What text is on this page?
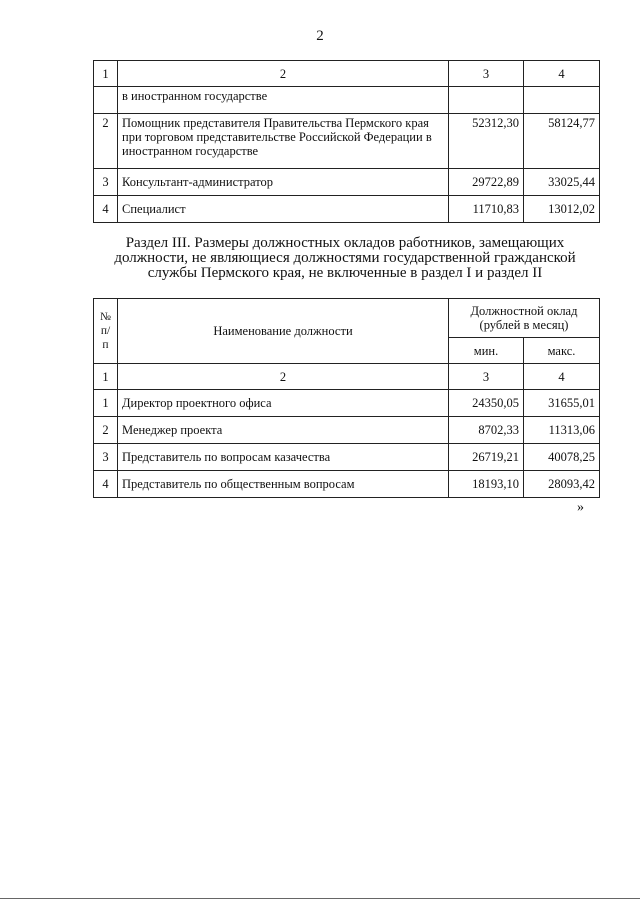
2
1	2	3	4
	в иностранном государстве		
2	Помощник представителя Правительства Пермского края при торговом представительстве Российской Федерации в иностранном государстве	52312,30	58124,77
3	Консультант-администратор	29722,89	33025,44
4	Специалист	11710,83	13012,02
Раздел III. Размеры должностных окладов работников, замещающих
должности, не являющиеся должностями государственной гражданской
службы Пермского края, не включенные в раздел I и раздел II
№ п/п	Наименование должности	Должностной оклад (рублей в месяц)	
		мин.	макс.
1	2	3	4
1	Директор проектного офиса	24350,05	31655,01
2	Менеджер проекта	8702,33	11313,06
3	Представитель по вопросам казачества	26719,21	40078,25
4	Представитель по общественным вопросам	18193,10	28093,42
»
